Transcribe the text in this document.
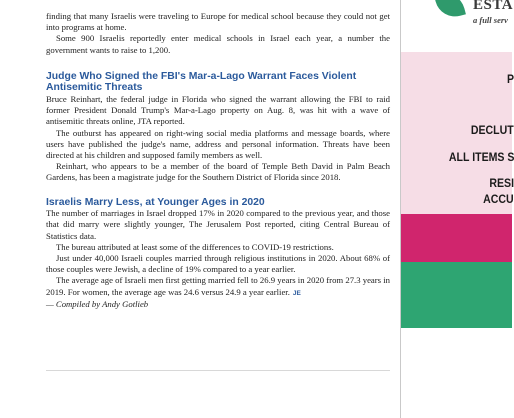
finding that many Israelis were traveling to Europe for medical school because they could not get into programs at home.

Some 900 Israelis reportedly enter medical schools in Israel each year, a number the government wants to raise to 1,200.

Judge Who Signed the FBI's Mar-a-Lago Warrant Faces Violent Antisemitic Threats

Bruce Reinhart, the federal judge in Florida who signed the warrant allowing the FBI to raid former President Donald Trump's Mar-a-Lago property on Aug. 8, was hit with a wave of antisemitic threats online, JTA reported.

The outburst has appeared on right-wing social media platforms and message boards, where users have published the judge's name, address and personal information. Threats have been directed at his children and supposed family members as well.

Reinhart, who appears to be a member of the board of Temple Beth David in Palm Beach Gardens, has been a magistrate judge for the Southern District of Florida since 2018.

Israelis Marry Less, at Younger Ages in 2020

The number of marriages in Israel dropped 17% in 2020 compared to the previous year, and those that did marry were slightly younger, The Jerusalem Post reported, citing Central Bureau of Statistics data.

The bureau attributed at least some of the differences to COVID-19 restrictions.

Just under 40,000 Israeli couples married through religious institutions in 2020. About 68% of those couples were Jewish, a decline of 19% compared to a year earlier.

The average age of Israeli men first getting married fell to 26.9 years in 2020 from 27.3 years in 2019. For women, the average age was 24.6 versus 24.9 a year earlier. JE

— Compiled by Andy Gotlieb

ESTA
a full serv
P
DECLUT
ALL ITEMS S
RESI
ACCU
